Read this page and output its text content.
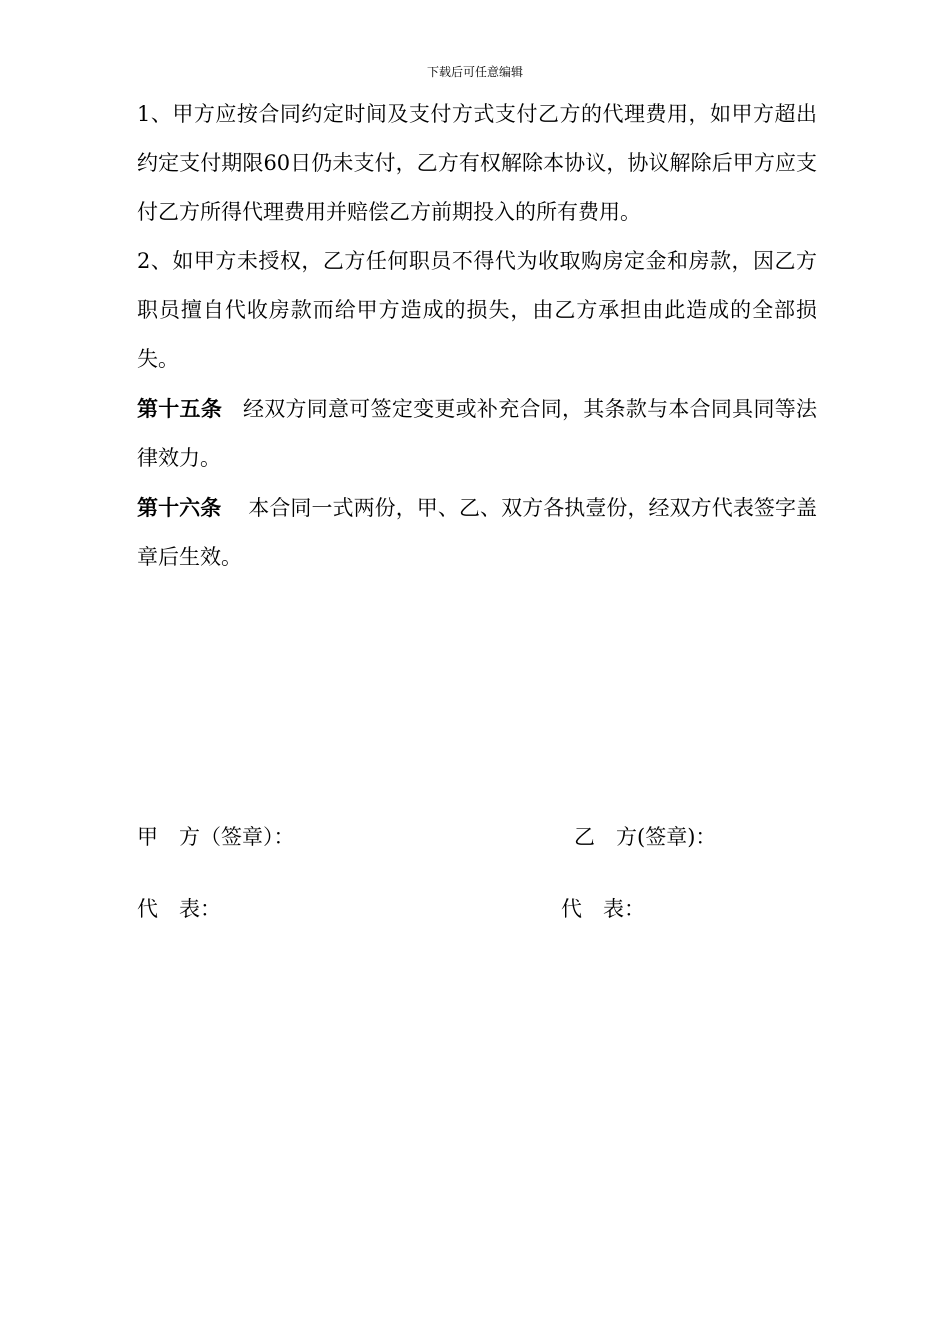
下载后可任意编辑

1、甲方应按合同约定时间及支付方式支付乙方的代理费用，如甲方超出约定支付期限60日仍未支付，乙方有权解除本协议，协议解除后甲方应支付乙方所得代理费用并赔偿乙方前期投入的所有费用。

2、如甲方未授权，乙方任何职员不得代为收取购房定金和房款，因乙方职员擅自代收房款而给甲方造成的损失，由乙方承担由此造成的全部损失。

第十五条 经双方同意可签定变更或补充合同，其条款与本合同具同等法律效力。

第十六条 本合同一式两份，甲、乙、双方各执壹份，经双方代表签字盖章后生效。

甲　方（签章）：	乙　方(签章)：
代　表：	代　表：
